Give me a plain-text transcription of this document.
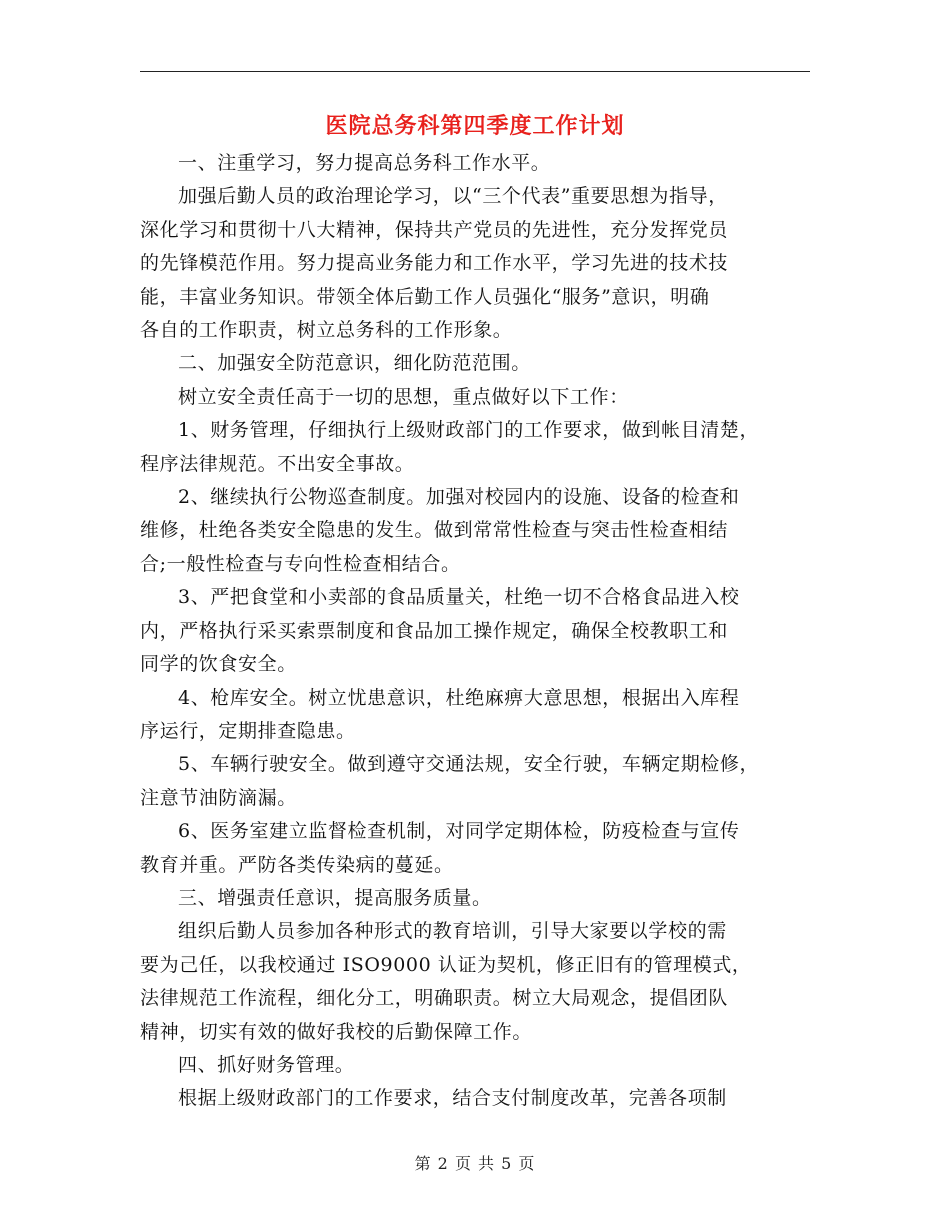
医院总务科第四季度工作计划

一、注重学习，努力提高总务科工作水平。

加强后勤人员的政治理论学习，以“三个代表”重要思想为指导，
深化学习和贯彻十八大精神，保持共产党员的先进性，充分发挥党员
的先锋模范作用。努力提高业务能力和工作水平，学习先进的技术技
能，丰富业务知识。带领全体后勤工作人员强化“服务”意识，明确
各自的工作职责，树立总务科的工作形象。

二、加强安全防范意识，细化防范范围。

树立安全责任高于一切的思想，重点做好以下工作：

1、财务管理，仔细执行上级财政部门的工作要求，做到帐目清楚，
程序法律规范。不出安全事故。

2、继续执行公物巡查制度。加强对校园内的设施、设备的检查和
维修，杜绝各类安全隐患的发生。做到常常性检查与突击性检查相结
合;一般性检查与专向性检查相结合。

3、严把食堂和小卖部的食品质量关，杜绝一切不合格食品进入校
内，严格执行采买索票制度和食品加工操作规定，确保全校教职工和
同学的饮食安全。

4、枪库安全。树立忧患意识，杜绝麻痹大意思想，根据出入库程
序运行，定期排查隐患。

5、车辆行驶安全。做到遵守交通法规，安全行驶，车辆定期检修，
注意节油防滴漏。

6、医务室建立监督检查机制，对同学定期体检，防疫检查与宣传
教育并重。严防各类传染病的蔓延。

三、增强责任意识，提高服务质量。

组织后勤人员参加各种形式的教育培训，引导大家要以学校的需
要为己任，以我校通过 ISO9000 认证为契机，修正旧有的管理模式，
法律规范工作流程，细化分工，明确职责。树立大局观念，提倡团队
精神，切实有效的做好我校的后勤保障工作。

四、抓好财务管理。

根据上级财政部门的工作要求，结合支付制度改革，完善各项制

第 2 页 共 5 页
